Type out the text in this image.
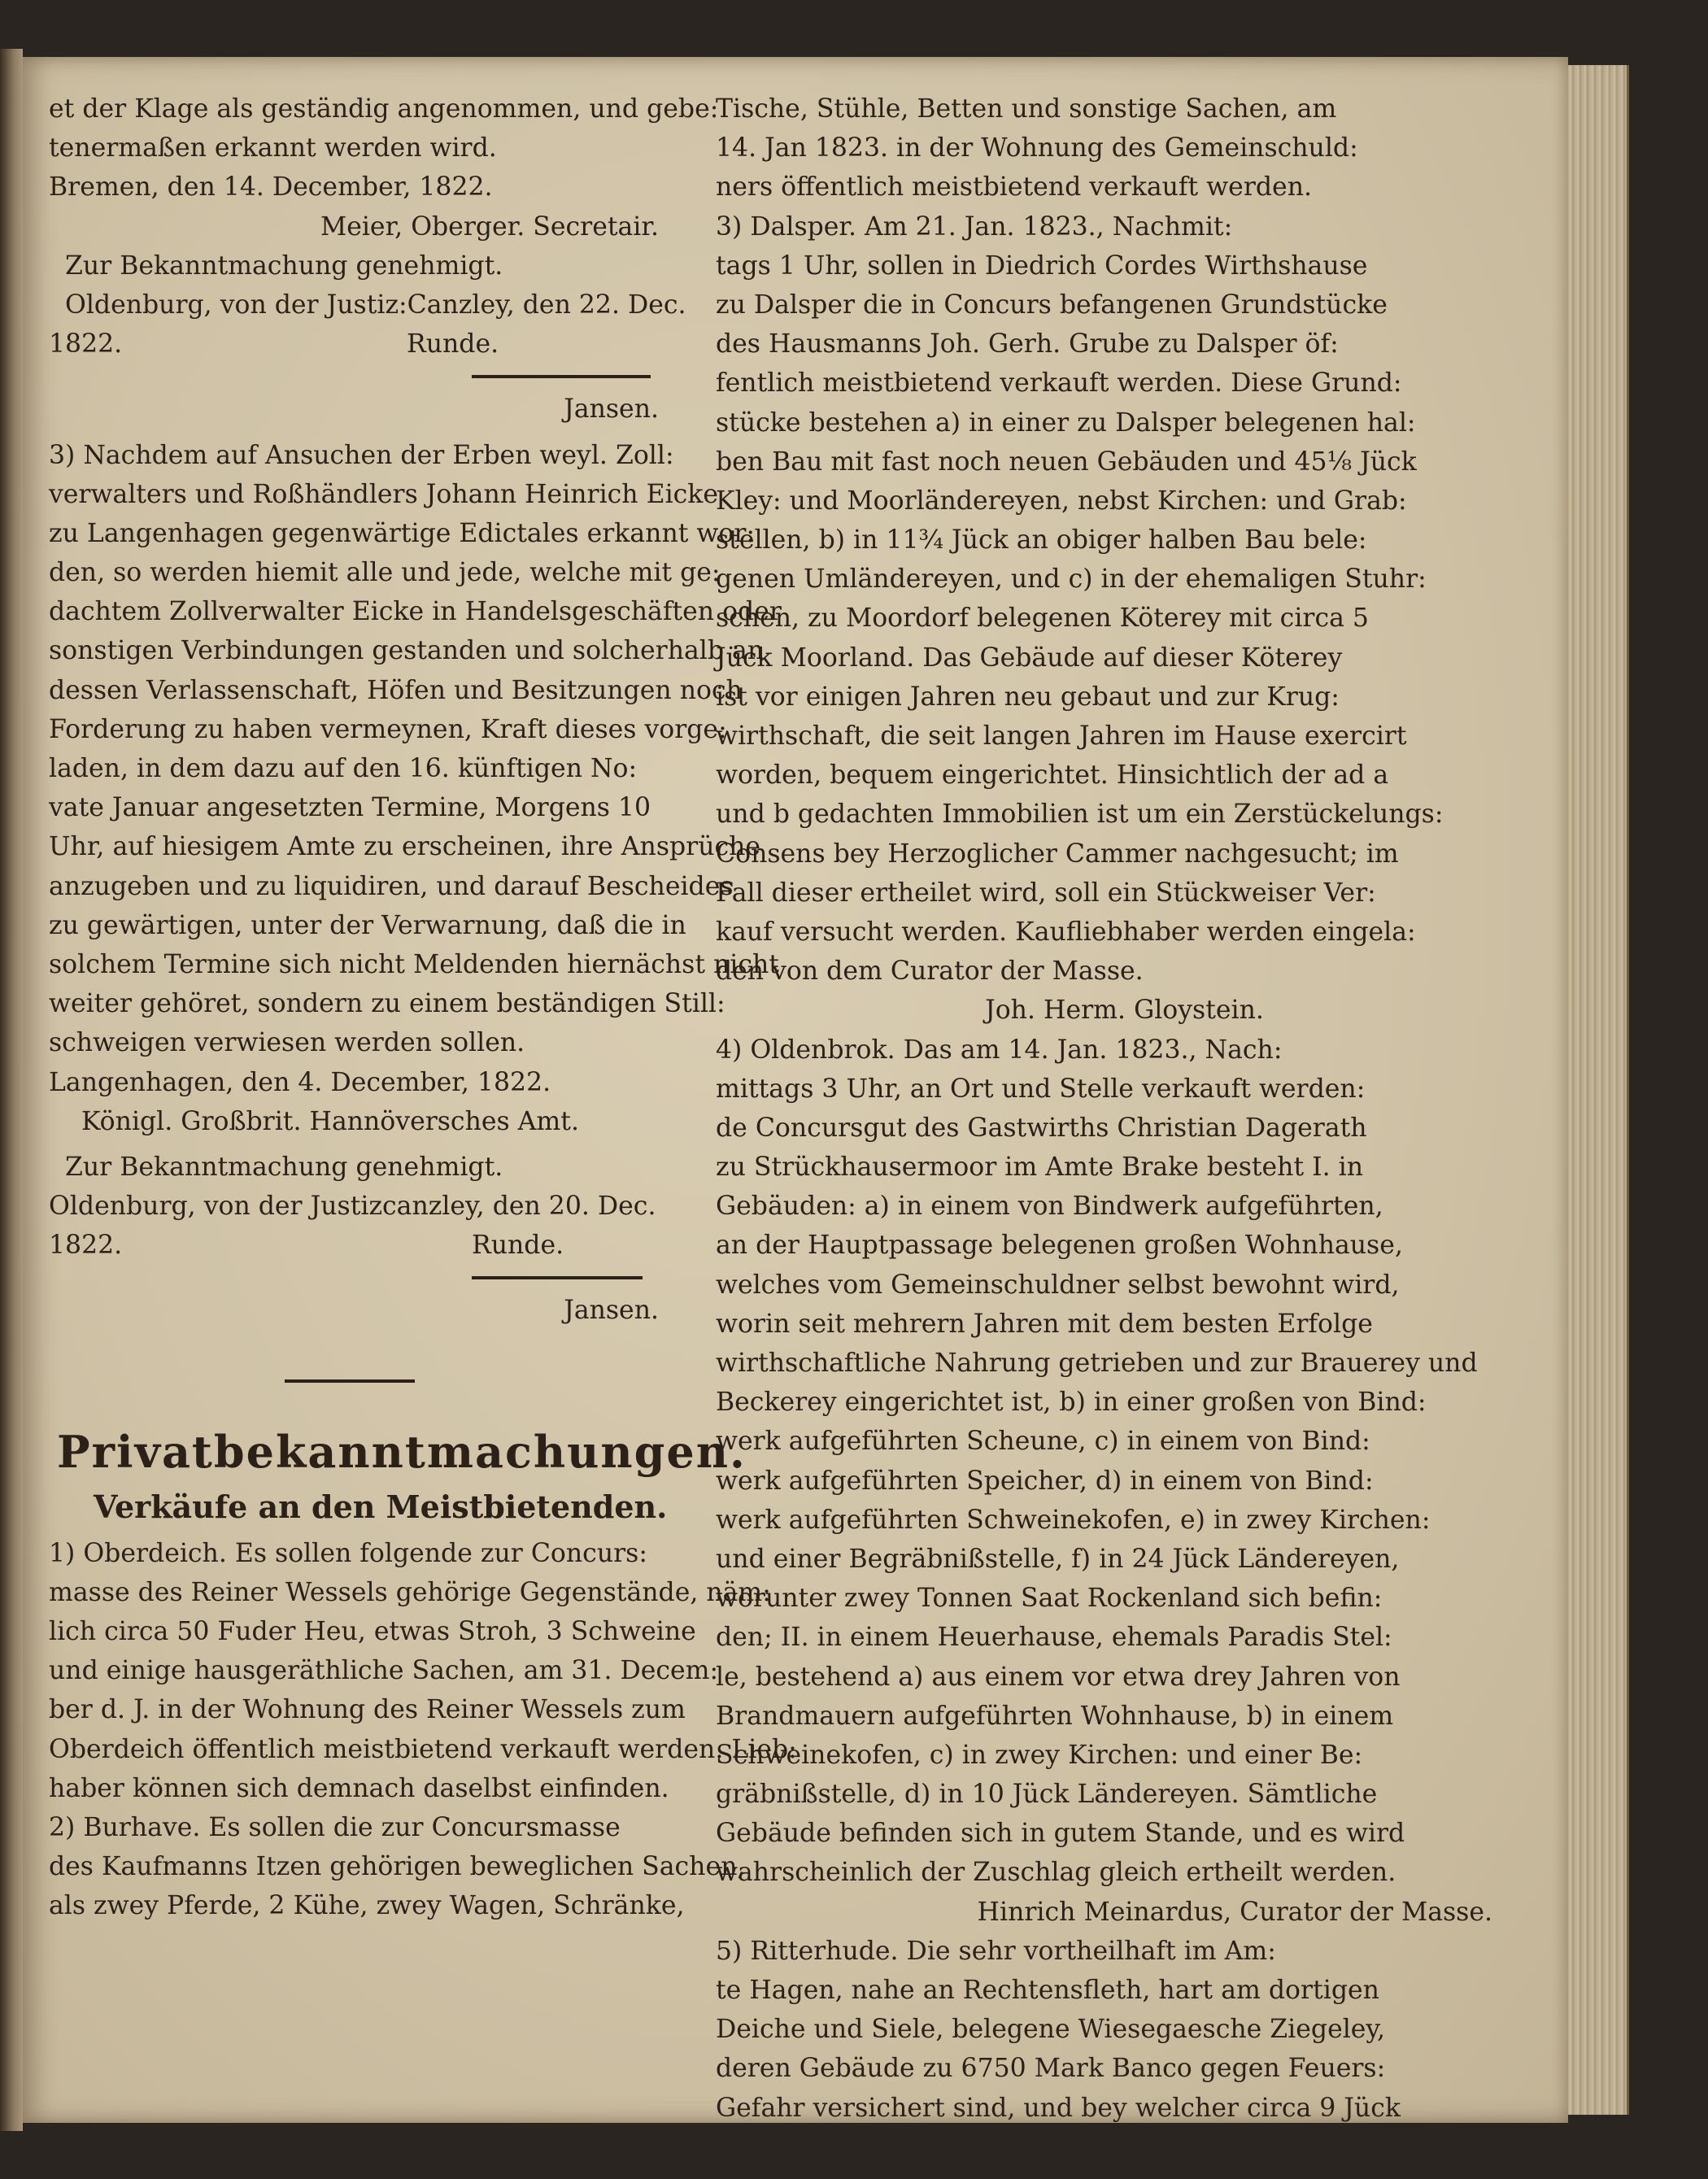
et der Klage als geständig angenommen, und gebe:
tenermaßen erkannt werden wird.
Bremen, den 14. December, 1822.
Meier, Oberger. Secretair.
Zur Bekanntmachung genehmigt.
Oldenburg, von der Justiz:Canzley, den 22. Dec.
1822.	Runde.
Jansen.
3) Nachdem auf Ansuchen der Erben weyl. Zoll:
verwalters und Roßhändlers Johann Heinrich Eicke
zu Langenhagen gegenwärtige Edictales erkannt wor:
den, so werden hiemit alle und jede, welche mit ge:
dachtem Zollverwalter Eicke in Handelsgeschäften oder
sonstigen Verbindungen gestanden und solcherhalb an
dessen Verlassenschaft, Höfen und Besitzungen noch
Forderung zu haben vermeynen, Kraft dieses vorge:
laden, in dem dazu auf den 16. künftigen No:
vate Januar angesetzten Termine, Morgens 10
Uhr, auf hiesigem Amte zu erscheinen, ihre Ansprüche
anzugeben und zu liquidiren, und darauf Bescheides
zu gewärtigen, unter der Verwarnung, daß die in
solchem Termine sich nicht Meldenden hiernächst nicht
weiter gehöret, sondern zu einem beständigen Still:
schweigen verwiesen werden sollen.
Langenhagen, den 4. December, 1822.
Königl. Großbrit. Hannöversches Amt.
Zur Bekanntmachung genehmigt.
Oldenburg, von der Justizcanzley, den 20. Dec.
1822.	Runde.
Jansen.
Privatbekanntmachungen.
Verkäufe an den Meistbietenden.
1) Oberdeich. Es sollen folgende zur Concurs:
masse des Reiner Wessels gehörige Gegenstände, näm:
lich circa 50 Fuder Heu, etwas Stroh, 3 Schweine
und einige hausgeräthliche Sachen, am 31. Decem:
ber d. J. in der Wohnung des Reiner Wessels zum
Oberdeich öffentlich meistbietend verkauft werden. Lieb:
haber können sich demnach daselbst einfinden.
2) Burhave. Es sollen die zur Concursmasse
des Kaufmanns Itzen gehörigen beweglichen Sachen,
als zwey Pferde, 2 Kühe, zwey Wagen, Schränke,
Tische, Stühle, Betten und sonstige Sachen, am
14. Jan 1823. in der Wohnung des Gemeinschuld:
ners öffentlich meistbietend verkauft werden.
3) Dalsper. Am 21. Jan. 1823., Nachmit:
tags 1 Uhr, sollen in Diedrich Cordes Wirthshause
zu Dalsper die in Concurs befangenen Grundstücke
des Hausmanns Joh. Gerh. Grube zu Dalsper öf:
fentlich meistbietend verkauft werden. Diese Grund:
stücke bestehen a) in einer zu Dalsper belegenen hal:
ben Bau mit fast noch neuen Gebäuden und 45⅛ Jück
Kley: und Moorländereyen, nebst Kirchen: und Grab:
stellen, b) in 11¾ Jück an obiger halben Bau bele:
genen Umländereyen, und c) in der ehemaligen Stuhr:
schen, zu Moordorf belegenen Köterey mit circa 5
Jück Moorland. Das Gebäude auf dieser Köterey
ist vor einigen Jahren neu gebaut und zur Krug:
wirthschaft, die seit langen Jahren im Hause exercirt
worden, bequem eingerichtet. Hinsichtlich der ad a
und b gedachten Immobilien ist um ein Zerstückelungs:
Consens bey Herzoglicher Cammer nachgesucht; im
Fall dieser ertheilet wird, soll ein Stückweiser Ver:
kauf versucht werden. Kaufliebhaber werden eingela:
den von dem Curator der Masse.
Joh. Herm. Gloystein.
4) Oldenbrok. Das am 14. Jan. 1823., Nach:
mittags 3 Uhr, an Ort und Stelle verkauft werden:
de Concursgut des Gastwirths Christian Dagerath
zu Strückhausermoor im Amte Brake besteht I. in
Gebäuden: a) in einem von Bindwerk aufgeführten,
an der Hauptpassage belegenen großen Wohnhause,
welches vom Gemeinschuldner selbst bewohnt wird,
worin seit mehrern Jahren mit dem besten Erfolge
wirthschaftliche Nahrung getrieben und zur Brauerey und
Beckerey eingerichtet ist, b) in einer großen von Bind:
werk aufgeführten Scheune, c) in einem von Bind:
werk aufgeführten Speicher, d) in einem von Bind:
werk aufgeführten Schweinekofen, e) in zwey Kirchen:
und einer Begräbnißstelle, f) in 24 Jück Ländereyen,
worunter zwey Tonnen Saat Rockenland sich befin:
den; II. in einem Heuerhause, ehemals Paradis Stel:
le, bestehend a) aus einem vor etwa drey Jahren von
Brandmauern aufgeführten Wohnhause, b) in einem
Schweinekofen, c) in zwey Kirchen: und einer Be:
gräbnißstelle, d) in 10 Jück Ländereyen. Sämtliche
Gebäude befinden sich in gutem Stande, und es wird
wahrscheinlich der Zuschlag gleich ertheilt werden.
Hinrich Meinardus, Curator der Masse.
5) Ritterhude. Die sehr vortheilhaft im Am:
te Hagen, nahe an Rechtensfleth, hart am dortigen
Deiche und Siele, belegene Wiesegaesche Ziegeley,
deren Gebäude zu 6750 Mark Banco gegen Feuers:
Gefahr versichert sind, und bey welcher circa 9 Jück
